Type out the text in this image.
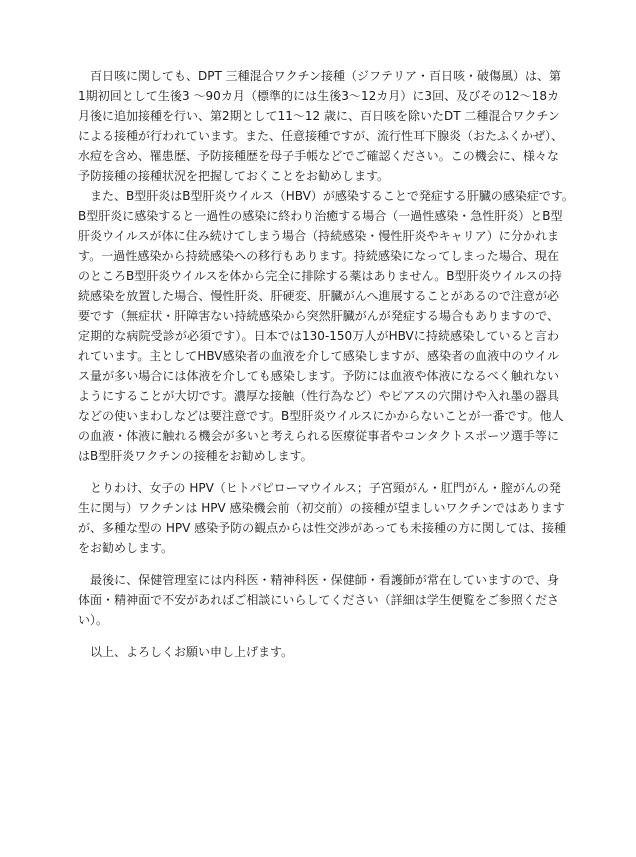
　百日咳に関しても、DPT 三種混合ワクチン接種（ジフテリア・百日咳・破傷風）は、第
1期初回として生後3 ～90カ月（標準的には生後3～12カ月）に3回、及びその12～18カ
月後に追加接種を行い、第2期として11～12 歳に、百日咳を除いたDT 二種混合ワクチン
による接種が行われています。また、任意接種ですが、流行性耳下腺炎（おたふくかぜ）、
水痘を含め、罹患歴、予防接種歴を母子手帳などでご確認ください。この機会に、様々な
予防接種の接種状況を把握しておくことをお勧めします。

　また、B型肝炎はB型肝炎ウイルス（HBV）が感染することで発症する肝臓の感染症です。
B型肝炎に感染すると一過性の感染に終わり治癒する場合（一過性感染・急性肝炎）とB型
肝炎ウイルスが体に住み続けてしまう場合（持続感染・慢性肝炎やキャリア）に分かれま
す。一過性感染から持続感染への移行もあります。持続感染になってしまった場合、現在
のところB型肝炎ウイルスを体から完全に排除する薬はありません。B型肝炎ウイルスの持
続感染を放置した場合、慢性肝炎、肝硬変、肝臓がんへ進展することがあるので注意が必
要です（無症状・肝障害ない持続感染から突然肝臓がんが発症する場合もありますので、
定期的な病院受診が必須です）。日本では130-150万人がHBVに持続感染していると言わ
れています。主としてHBV感染者の血液を介して感染しますが、感染者の血液中のウイル
ス量が多い場合には体液を介しても感染します。予防には血液や体液になるべく触れない
ようにすることが大切です。濃厚な接触（性行為など）やピアスの穴開けや入れ墨の器具
などの使いまわしなどは要注意です。B型肝炎ウイルスにかからないことが一番です。他人
の血液・体液に触れる機会が多いと考えられる医療従事者やコンタクトスポーツ選手等に
はB型肝炎ワクチンの接種をお勧めします。

　とりわけ、女子の HPV（ヒトパピローマウイルス；子宮頸がん・肛門がん・膣がんの発
生に関与）ワクチンは HPV 感染機会前（初交前）の接種が望ましいワクチンではあります
が、多種な型の HPV 感染予防の観点からは性交渉があっても未接種の方に関しては、接種
をお勧めします。

　最後に、保健管理室には内科医・精神科医・保健師・看護師が常在していますので、身
体面・精神面で不安があればご相談にいらしてください（詳細は学生便覧をご参照くださ
い）。

　以上、よろしくお願い申し上げます。
